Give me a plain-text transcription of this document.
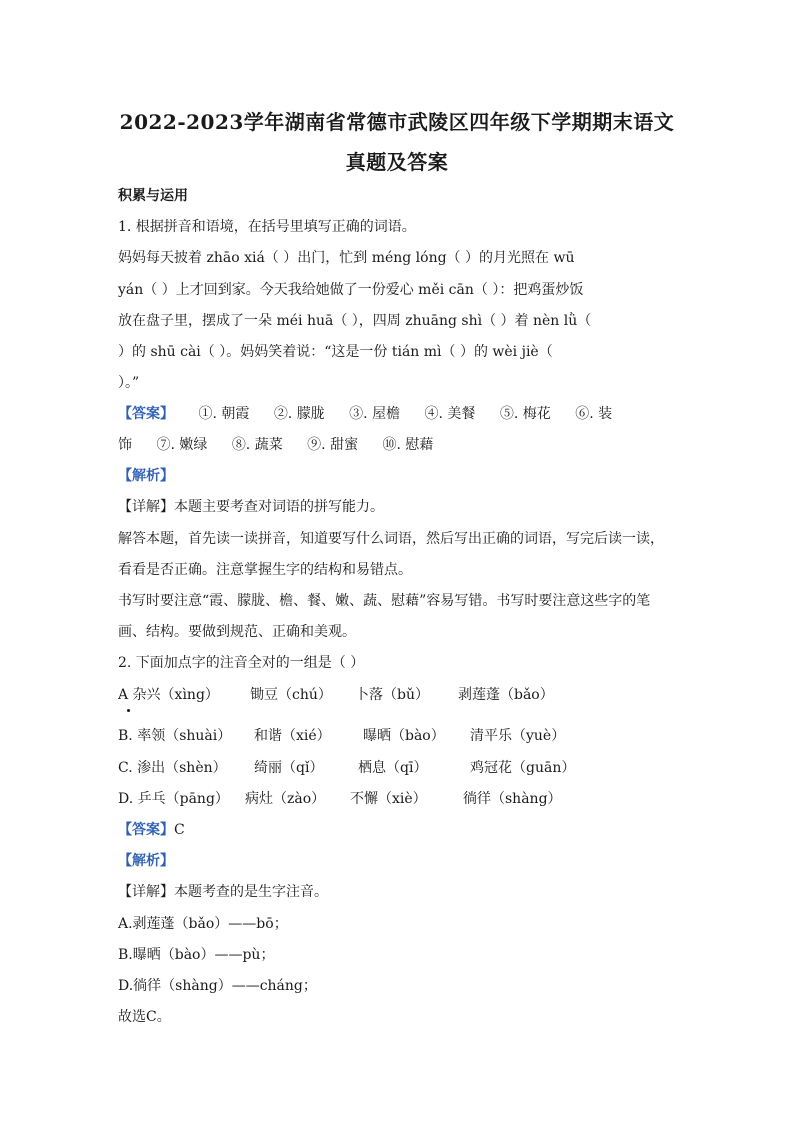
2022-2023学年湖南省常德市武陵区四年级下学期期末语文
真题及答案
积累与运用
1. 根据拼音和语境，在括号里填写正确的词语。
妈妈每天披着 zhāo xiá（ ）出门，忙到 méng lóng（ ）的月光照在 wū
yán（ ）上才回到家。今天我给她做了一份爱心 měi cān（ ）：把鸡蛋炒饭
放在盘子里，摆成了一朵 méi huā（ ），四周 zhuāng shì（ ）着 nèn lǜ（
）的 shū cài（ ）。妈妈笑着说：“这是一份 tián mì（ ）的 wèi jiè（
）。”
【答案】 ①. 朝霞 ②. 朦胧 ③. 屋檐 ④. 美餐 ⑤. 梅花 ⑥. 装
饰 ⑦. 嫩绿 ⑧. 蔬菜 ⑨. 甜蜜 ⑩. 慰藉
【解析】
【详解】本题主要考查对词语的拼写能力。
解答本题，首先读一读拼音，知道要写什么词语，然后写出正确的词语，写完后读一读，
看看是否正确。注意掌握生字的结构和易错点。
书写时要注意“霞、朦胧、檐、餐、嫩、蔬、慰藉”容易写错。书写时要注意这些字的笔
画、结构。要做到规范、正确和美观。
2. 下面加点字的注音全对的一组是（ ）
A 杂兴（xìng） 锄豆（chú） 卜落（bǔ） 剥莲蓬（bǎo）
B. 率领（shuài） 和谐（xié） 曝晒（bào） 清平乐（yuè）
C. 渗出（shèn） 绮丽（qǐ） 栖息（qī）	鸡冠花（guān）
D. 乒乓（pāng） 病灶（zào） 不懈（xiè）	徜徉（shàng）
【答案】C
【解析】
【详解】本题考查的是生字注音。
A.剥莲蓬（bǎo）——bō；
B.曝晒（bào）——pù；
D.徜徉（shàng）——cháng；
故选C。
